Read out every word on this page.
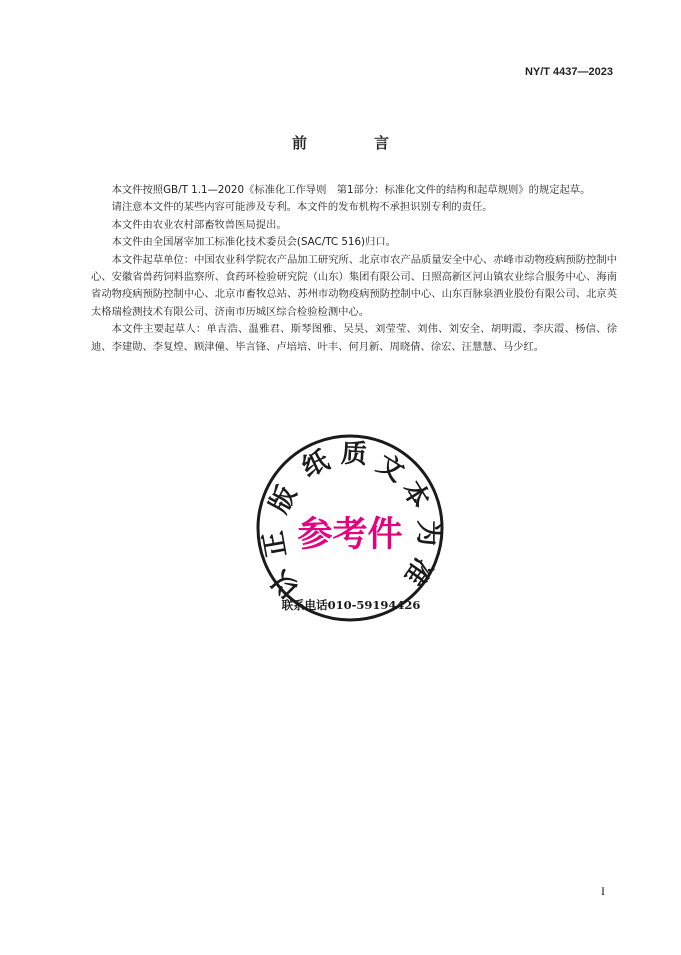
NY/T 4437—2023
前　言

本文件按照GB/T 1.1—2020《标准化工作导则　第1部分：标准化文件的结构和起草规则》的规定起草。

请注意本文件的某些内容可能涉及专利。本文件的发布机构不承担识别专利的责任。

本文件由农业农村部畜牧兽医局提出。

本文件由全国屠宰加工标准化技术委员会(SAC/TC 516)归口。

本文件起草单位：中国农业科学院农产品加工研究所、北京市农产品质量安全中心、赤峰市动物疫病预防控制中心、安徽省兽药饲料监察所、食药环检验研究院（山东）集团有限公司、日照高新区河山镇农业综合服务中心、海南省动物疫病预防控制中心、北京市畜牧总站、苏州市动物疫病预防控制中心、山东百脉泉酒业股份有限公司、北京英太格瑞检测技术有限公司、济南市历城区综合检验检测中心。

本文件主要起草人：单吉浩、温雅君、斯琴图雅、吴昊、刘莹莹、刘伟、刘安全、胡明霞、李庆霞、杨信、徐迪、李建勋、李复煌、顾津僮、毕言锋、卢培培、叶丰、何月新、周晓倩、徐宏、汪慧慧、马少红。

以
正
版
纸 质 文
本
为
准
参考件
联系电话010-59194426
I
